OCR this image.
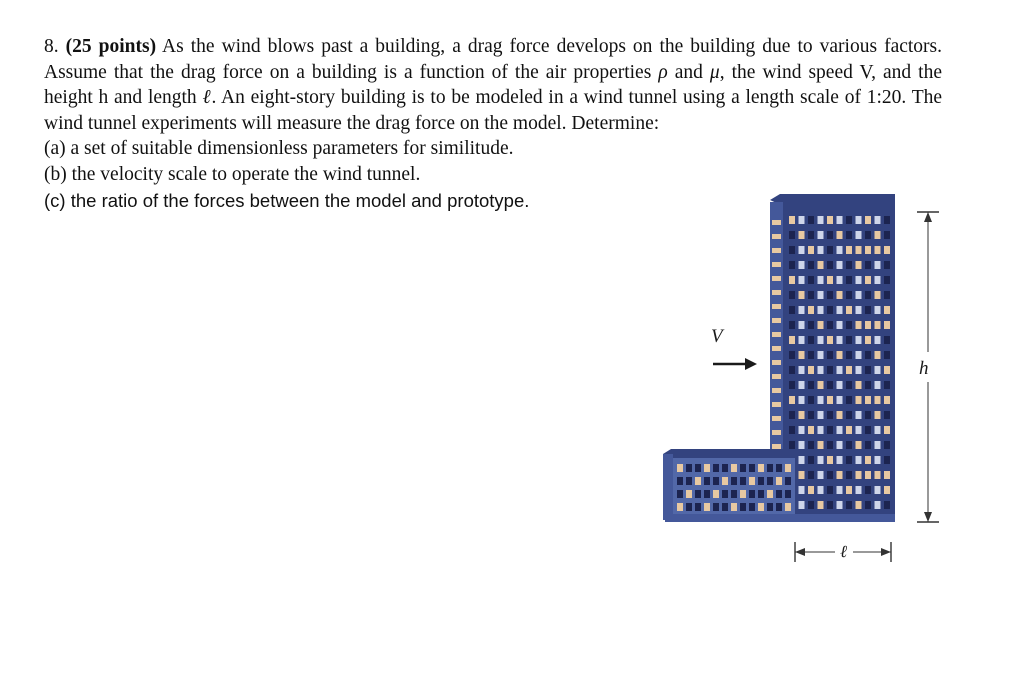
8. (25 points) As the wind blows past a building, a drag force develops on the building due to various factors. Assume that the drag force on a building is a function of the air properties ρ and μ, the wind speed V, and the height h and length ℓ. An eight-story building is to be modeled in a wind tunnel using a length scale of 1:20. The wind tunnel experiments will measure the drag force on the model. Determine:

(a) a set of suitable dimensionless parameters for similitude.

(b) the velocity scale to operate the wind tunnel.

(c) the ratio of the forces between the model and prototype.

V
h
ℓ
